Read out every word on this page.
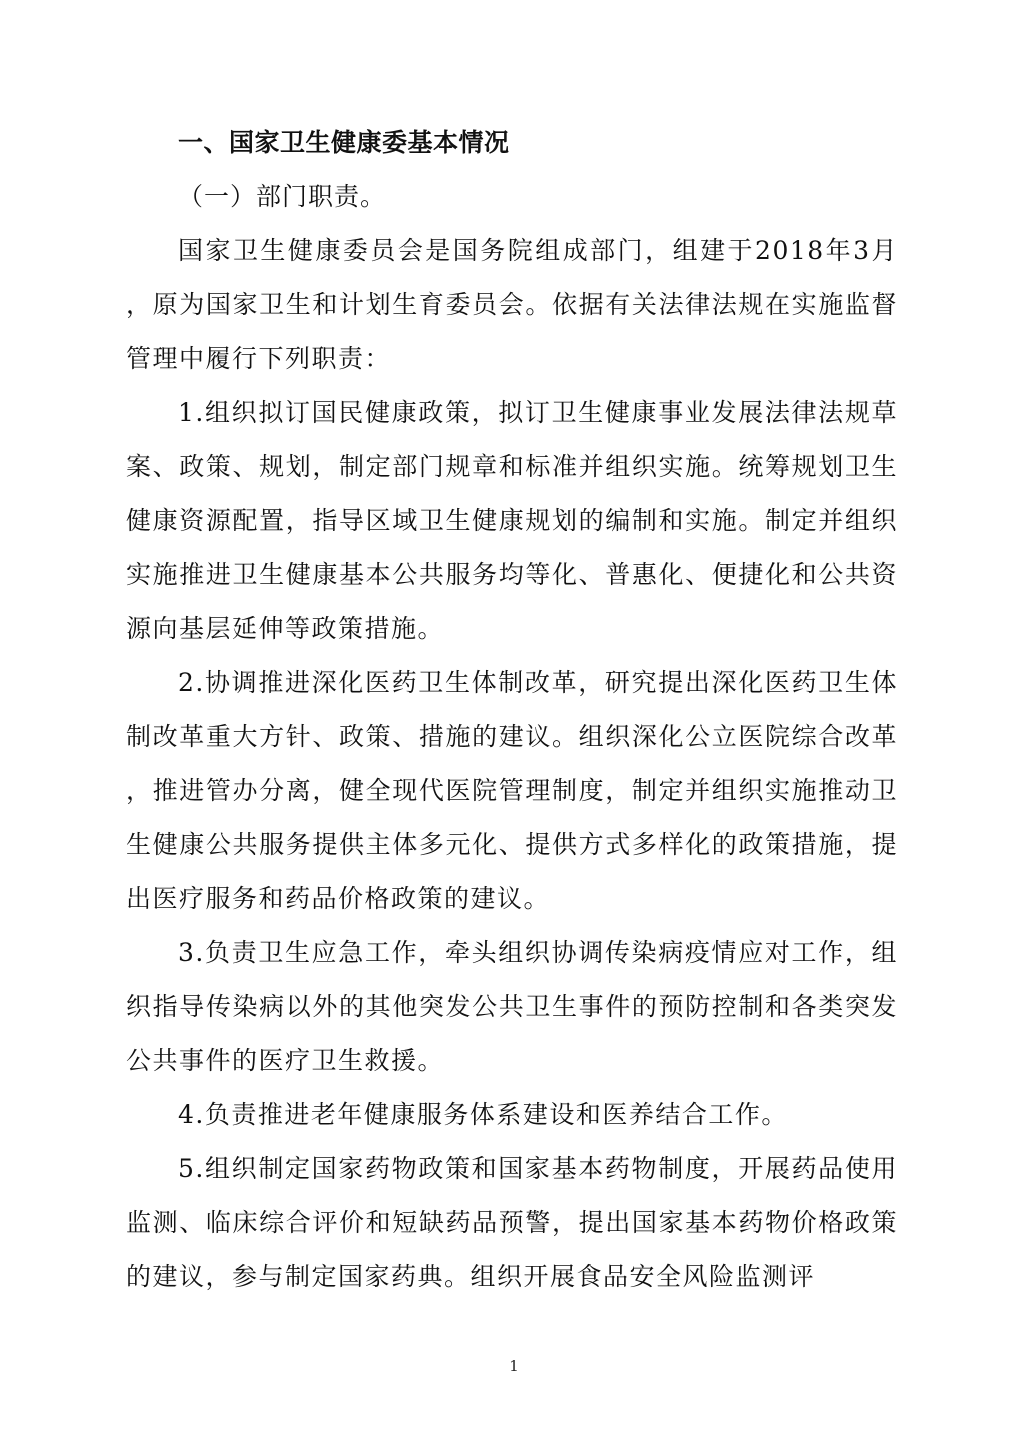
一、国家卫生健康委基本情况

（一）部门职责。

国家卫生健康委员会是国务院组成部门，组建于2018年3月，原为国家卫生和计划生育委员会。依据有关法律法规在实施监督管理中履行下列职责：

1.组织拟订国民健康政策，拟订卫生健康事业发展法律法规草案、政策、规划，制定部门规章和标准并组织实施。统筹规划卫生健康资源配置，指导区域卫生健康规划的编制和实施。制定并组织实施推进卫生健康基本公共服务均等化、普惠化、便捷化和公共资源向基层延伸等政策措施。

2.协调推进深化医药卫生体制改革，研究提出深化医药卫生体制改革重大方针、政策、措施的建议。组织深化公立医院综合改革，推进管办分离，健全现代医院管理制度，制定并组织实施推动卫生健康公共服务提供主体多元化、提供方式多样化的政策措施，提出医疗服务和药品价格政策的建议。

3.负责卫生应急工作，牵头组织协调传染病疫情应对工作，组织指导传染病以外的其他突发公共卫生事件的预防控制和各类突发公共事件的医疗卫生救援。

4.负责推进老年健康服务体系建设和医养结合工作。

5.组织制定国家药物政策和国家基本药物制度，开展药品使用监测、临床综合评价和短缺药品预警，提出国家基本药物价格政策的建议，参与制定国家药典。组织开展食品安全风险监测评

1
